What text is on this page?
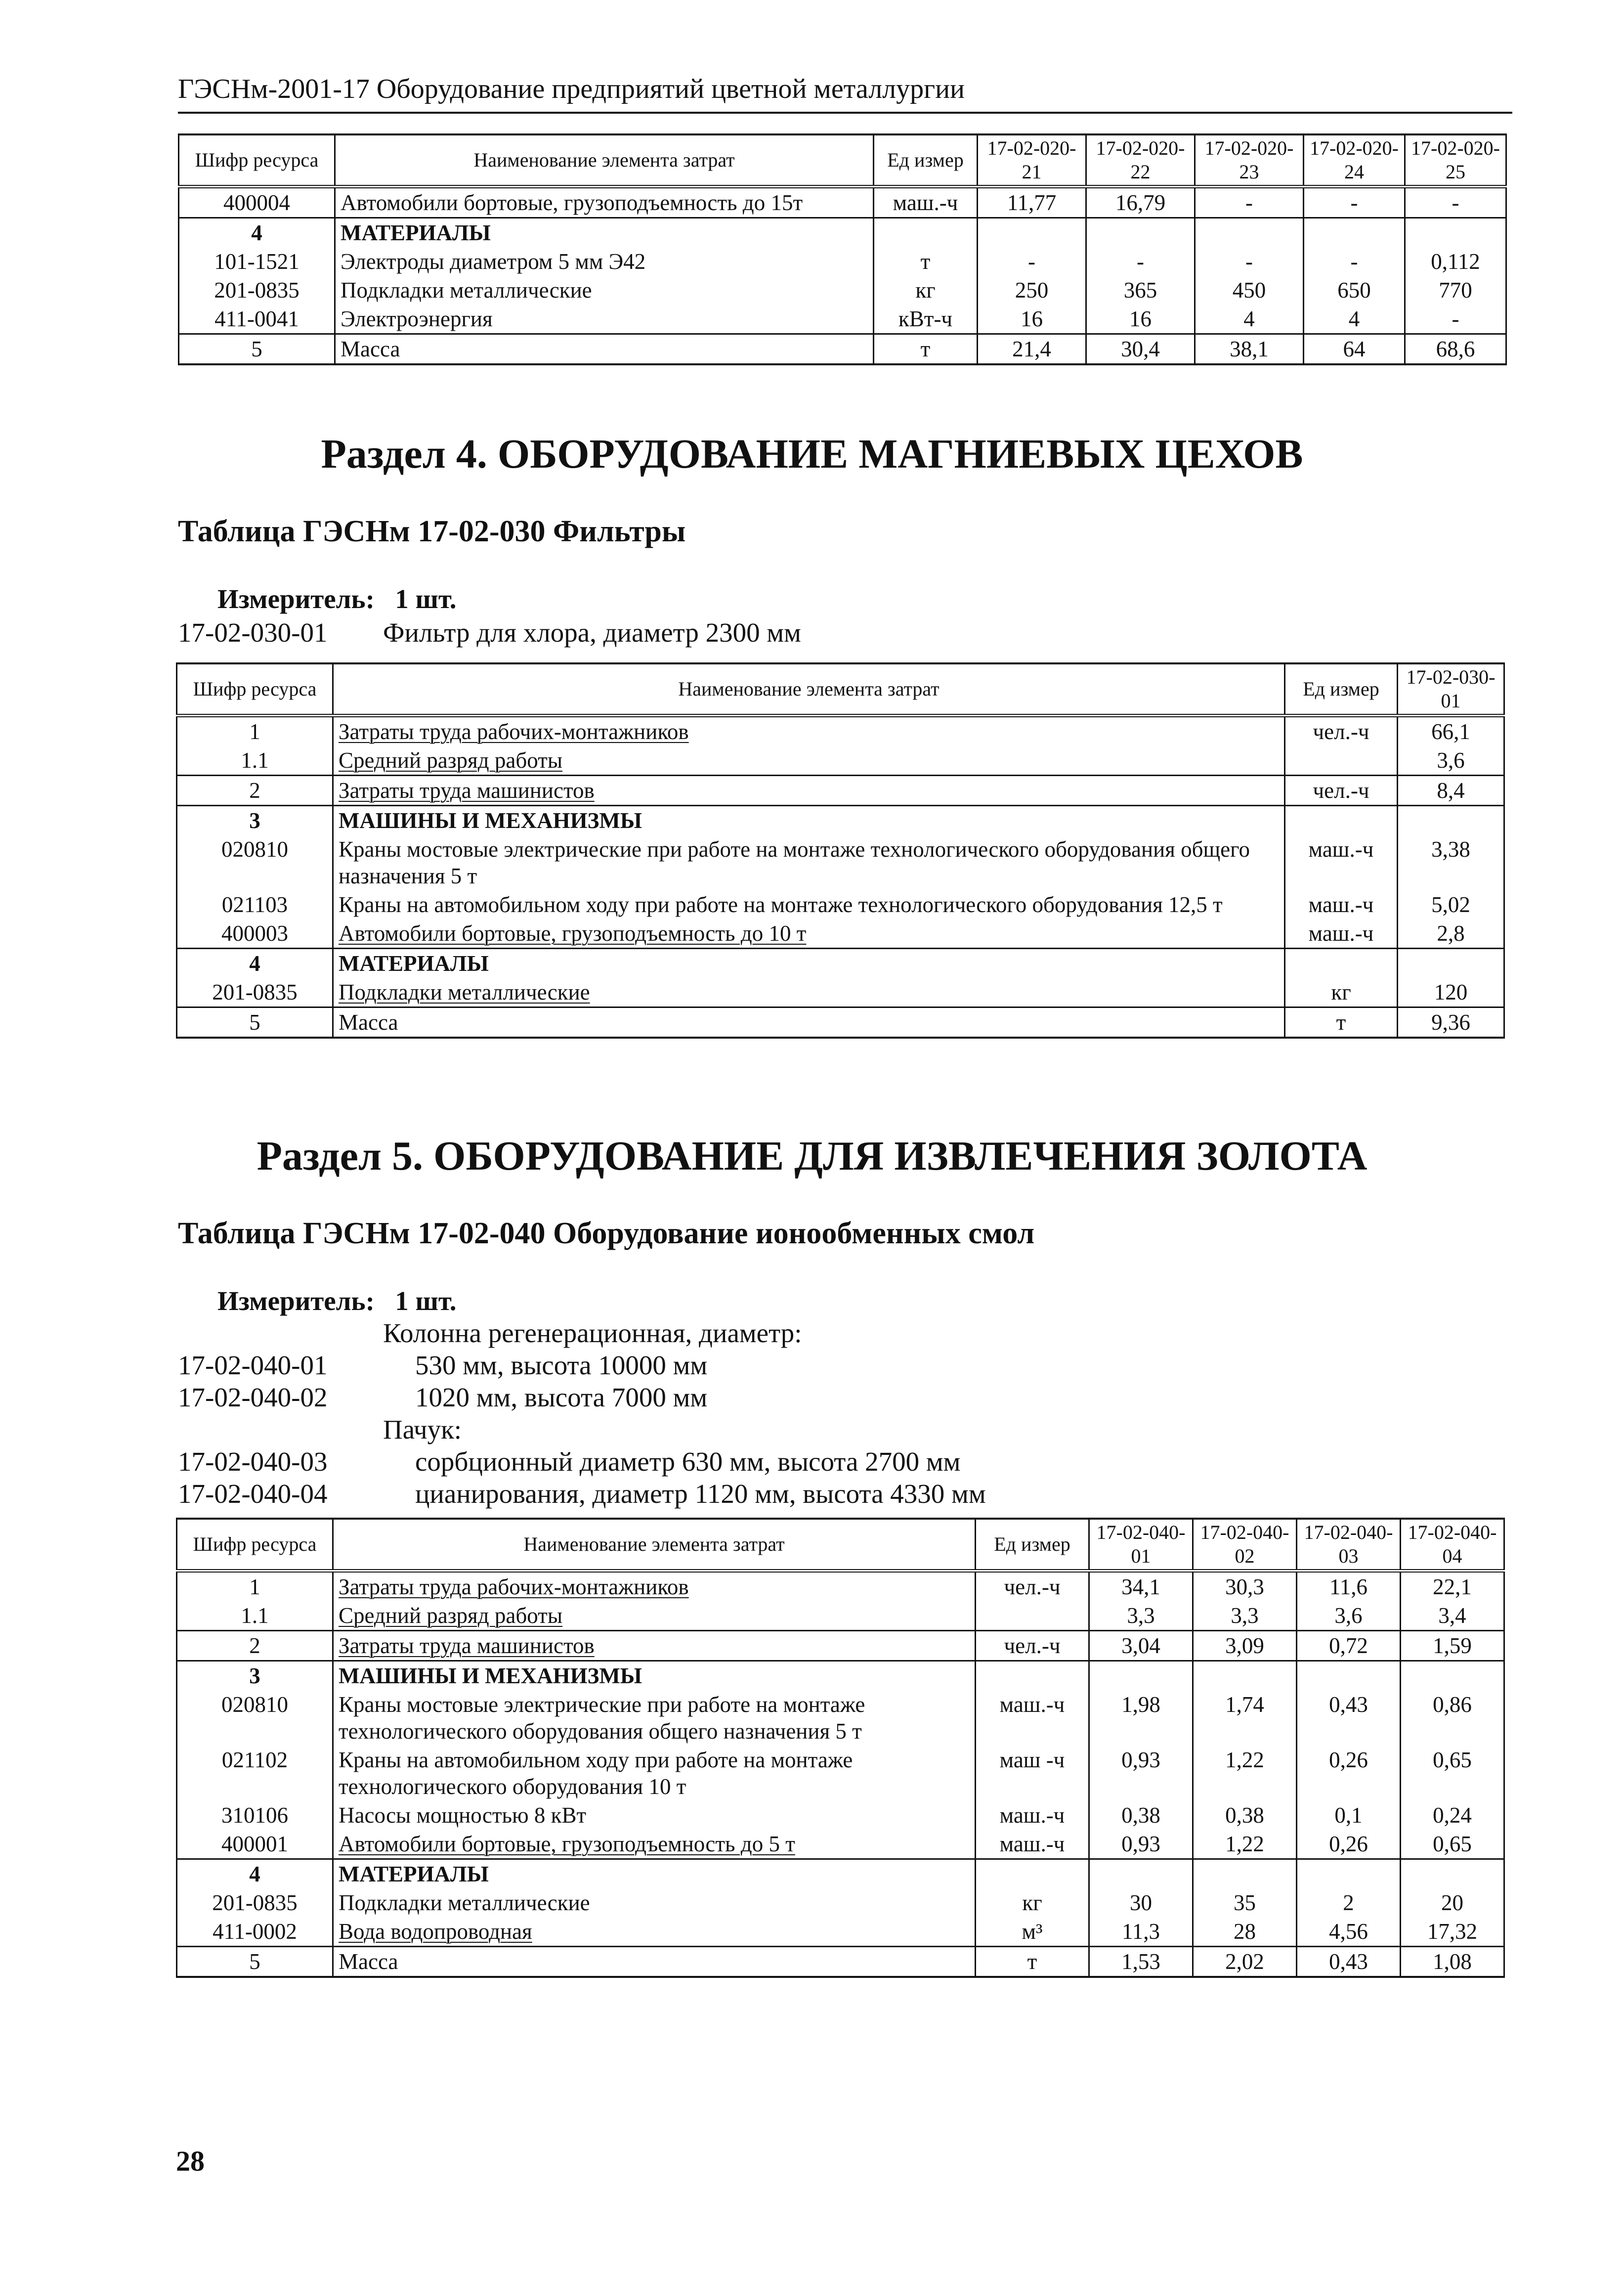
ГЭСНм-2001-17 Оборудование предприятий цветной металлургии
Шифр ресурса	Наименование элемента затрат	Ед измер	17-02-020-21	17-02-020-22	17-02-020-23	17-02-020-24	17-02-020-25
400004	Автомобили бортовые, грузоподъемность до 15т	маш.-ч	11,77	16,79	-	-	-
4	МАТЕРИАЛЫ						
101-1521	Электроды диаметром 5 мм Э42	т	-	-	-	-	0,112
201-0835	Подкладки металлические	кг	250	365	450	650	770
411-0041	Электроэнергия	кВт-ч	16	16	4	4	-
5	Масса	т	21,4	30,4	38,1	64	68,6
Раздел 4. ОБОРУДОВАНИЕ МАГНИЕВЫХ ЦЕХОВ
Таблица ГЭСНм 17-02-030 Фильтры
Измеритель:   1 шт.
17-02-030-01 Фильтр для хлора, диаметр 2300 мм
Шифр ресурса	Наименование элемента затрат	Ед измер	17-02-030-01
1	Затраты труда рабочих-монтажников	чел.-ч	66,1
1.1	Средний разряд работы		3,6
2	Затраты труда машинистов	чел.-ч	8,4
3	МАШИНЫ И МЕХАНИЗМЫ		
020810	Краны мостовые электрические при работе на монтаже технологического оборудования общего назначения 5 т	маш.-ч	3,38
021103	Краны на автомобильном ходу при работе на монтаже технологического оборудования 12,5 т	маш.-ч	5,02
400003	Автомобили бортовые, грузоподъемность до 10 т	маш.-ч	2,8
4	МАТЕРИАЛЫ		
201-0835	Подкладки металлические	кг	120
5	Масса	т	9,36
Раздел 5. ОБОРУДОВАНИЕ ДЛЯ ИЗВЛЕЧЕНИЯ ЗОЛОТА
Таблица ГЭСНм 17-02-040 Оборудование ионообменных смол
Измеритель:   1 шт.
Колонна регенерационная, диаметр:
17-02-040-01	530 мм, высота 10000 мм
17-02-040-02	1020 мм, высота 7000 мм
Пачук:
17-02-040-03	сорбционный диаметр 630 мм, высота 2700 мм
17-02-040-04	цианирования, диаметр 1120 мм, высота 4330 мм
Шифр ресурса	Наименование элемента затрат	Ед измер	17-02-040-01	17-02-040-02	17-02-040-03	17-02-040-04
1	Затраты труда рабочих-монтажников	чел.-ч	34,1	30,3	11,6	22,1
1.1	Средний разряд работы		3,3	3,3	3,6	3,4
2	Затраты труда машинистов	чел.-ч	3,04	3,09	0,72	1,59
3	МАШИНЫ И МЕХАНИЗМЫ					
020810	Краны мостовые электрические при работе на монтаже технологического оборудования общего назначения 5 т	маш.-ч	1,98	1,74	0,43	0,86
021102	Краны на автомобильном ходу при работе на монтаже технологического оборудования 10 т	маш -ч	0,93	1,22	0,26	0,65
310106	Насосы мощностью 8 кВт	маш.-ч	0,38	0,38	0,1	0,24
400001	Автомобили бортовые, грузоподъемность до 5 т	маш.-ч	0,93	1,22	0,26	0,65
4	МАТЕРИАЛЫ					
201-0835	Подкладки металлические	кг	30	35	2	20
411-0002	Вода водопроводная	м³	11,3	28	4,56	17,32
5	Масса	т	1,53	2,02	0,43	1,08
28
